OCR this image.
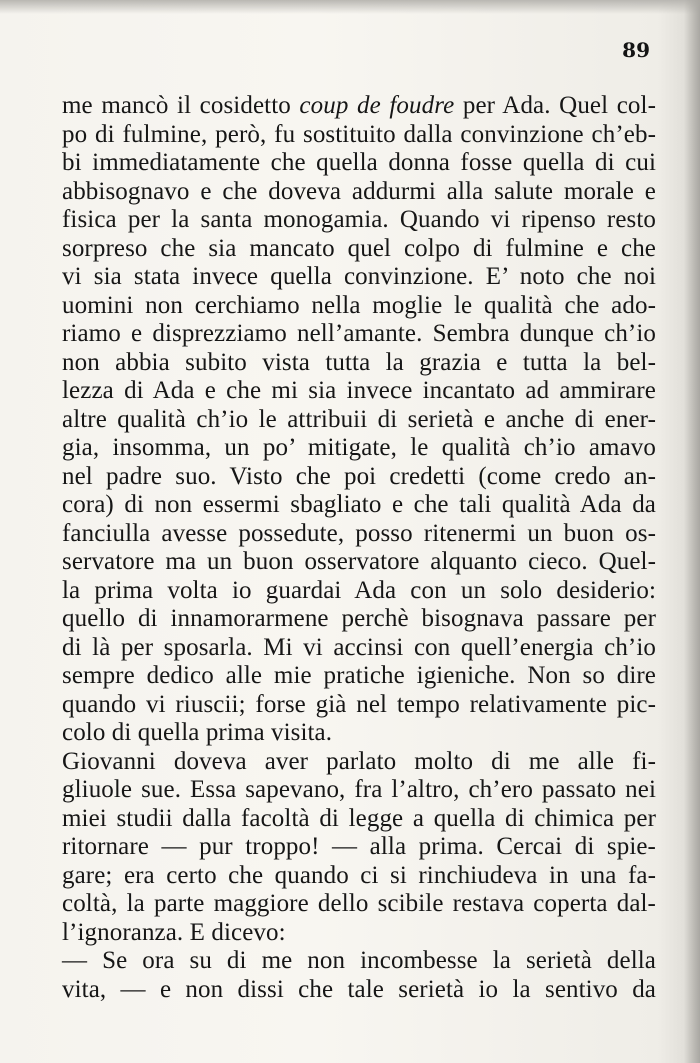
89
me mancò il cosidetto coup de foudre per Ada. Quel col-
po di fulmine, però, fu sostituito dalla convinzione ch’eb-
bi immediatamente che quella donna fosse quella di cui
abbisognavo e che doveva addurmi alla salute morale e
fisica per la santa monogamia. Quando vi ripenso resto
sorpreso che sia mancato quel colpo di fulmine e che
vi sia stata invece quella convinzione. E’ noto che noi
uomini non cerchiamo nella moglie le qualità che ado-
riamo e disprezziamo nell’amante. Sembra dunque ch’io
non abbia subito vista tutta la grazia e tutta la bel-
lezza di Ada e che mi sia invece incantato ad ammirare
altre qualità ch’io le attribuii di serietà e anche di ener-
gia, insomma, un po’ mitigate, le qualità ch’io amavo
nel padre suo. Visto che poi credetti (come credo an-
cora) di non essermi sbagliato e che tali qualità Ada da
fanciulla avesse possedute, posso ritenermi un buon os-
servatore ma un buon osservatore alquanto cieco. Quel-
la prima volta io guardai Ada con un solo desiderio:
quello di innamorarmene perchè bisognava passare per
di là per sposarla. Mi vi accinsi con quell’energia ch’io
sempre dedico alle mie pratiche igieniche. Non so dire
quando vi riuscii; forse già nel tempo relativamente pic-
colo di quella prima visita.
Giovanni doveva aver parlato molto di me alle fi-
gliuole sue. Essa sapevano, fra l’altro, ch’ero passato nei
miei studii dalla facoltà di legge a quella di chimica per
ritornare — pur troppo! — alla prima. Cercai di spie-
gare; era certo che quando ci si rinchiudeva in una fa-
coltà, la parte maggiore dello scibile restava coperta dal-
l’ignoranza. E dicevo:
— Se ora su di me non incombesse la serietà della
vita, — e non dissi che tale serietà io la sentivo da
